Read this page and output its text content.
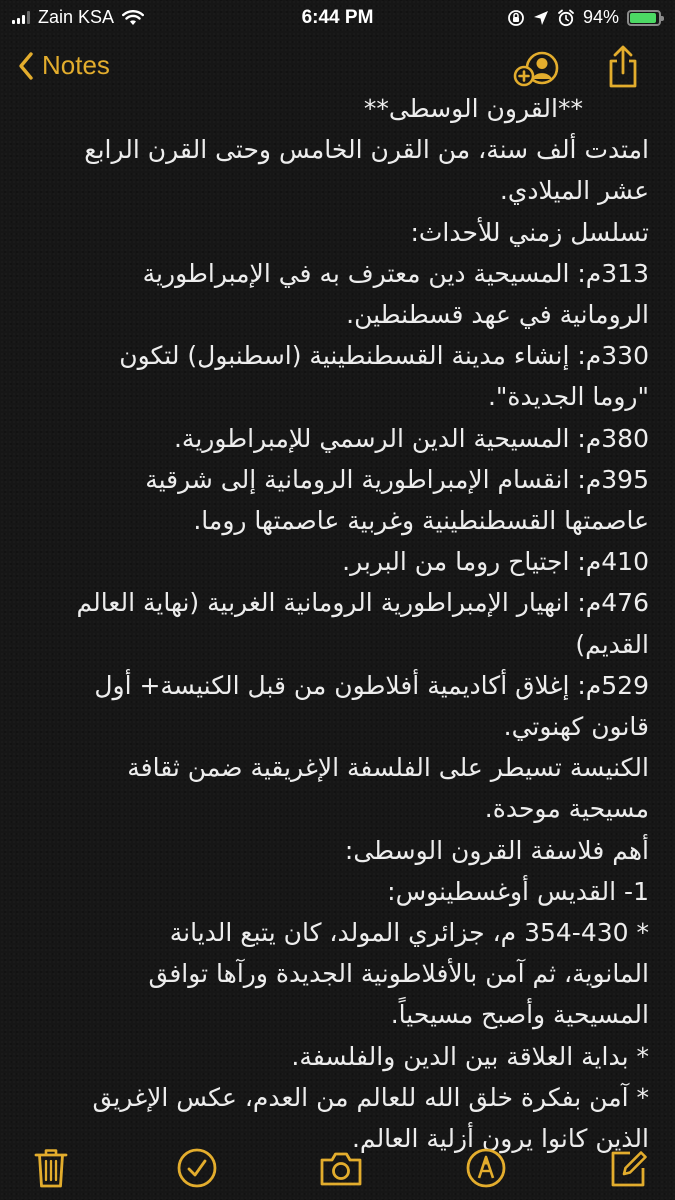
Zain KSA	6:44 PM	94%
Notes
**القرون الوسطى**
امتدت ألف سنة، من القرن الخامس وحتى القرن الرابع
عشر الميلادي.
تسلسل زمني للأحداث:
313م: المسيحية دين معترف به في الإمبراطورية
الرومانية في عهد قسطنطين.
330م: إنشاء مدينة القسطنطينية (اسطنبول) لتكون
"روما الجديدة".
380م: المسيحية الدين الرسمي للإمبراطورية.
395م: انقسام الإمبراطورية الرومانية إلى شرقية
عاصمتها القسطنطينية وغربية عاصمتها روما.
410م: اجتياح روما من البربر.
476م: انهيار الإمبراطورية الرومانية الغربية (نهاية العالم
القديم)
529م: إغلاق أكاديمية أفلاطون من قبل الكنيسة+ أول
قانون كهنوتي.
الكنيسة تسيطر على الفلسفة الإغريقية ضمن ثقافة
مسيحية موحدة.
أهم فلاسفة القرون الوسطى:
1- القديس أوغسطينوس:
* 354-430 م، جزائري المولد، كان يتبع الديانة
المانوية، ثم آمن بالأفلاطونية الجديدة ورآها توافق
المسيحية وأصبح مسيحياً.
* بداية العلاقة بين الدين والفلسفة.
* آمن بفكرة خلق الله للعالم من العدم، عكس الإغريق
الذين كانوا يرون أزلية العالم.
